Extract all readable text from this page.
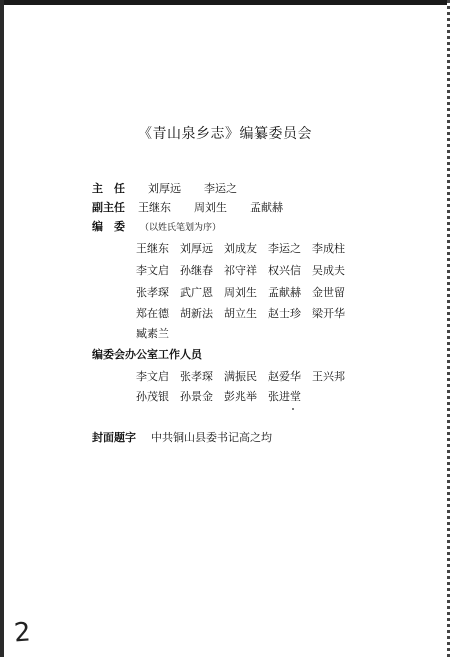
《青山泉乡志》编纂委员会
主　任 刘厚远 李运之
副主任 王继东 周刘生 孟献赫
编　委 （以姓氏笔划为序）
王继东 刘厚远 刘成友 李运之 李成柱
李文启 孙继春 祁守祥 权兴信 吴成夫
张孝琛 武广恩 周刘生 孟献赫 金世留
郑在德 胡新法 胡立生 赵士珍 梁开华
臧素兰
编委会办公室工作人员
李文启 张孝琛 满振民 赵爱华 王兴邦
孙茂银 孙景金 彭兆举 张进堂
封面题字 中共铜山县委书记高之均
2
